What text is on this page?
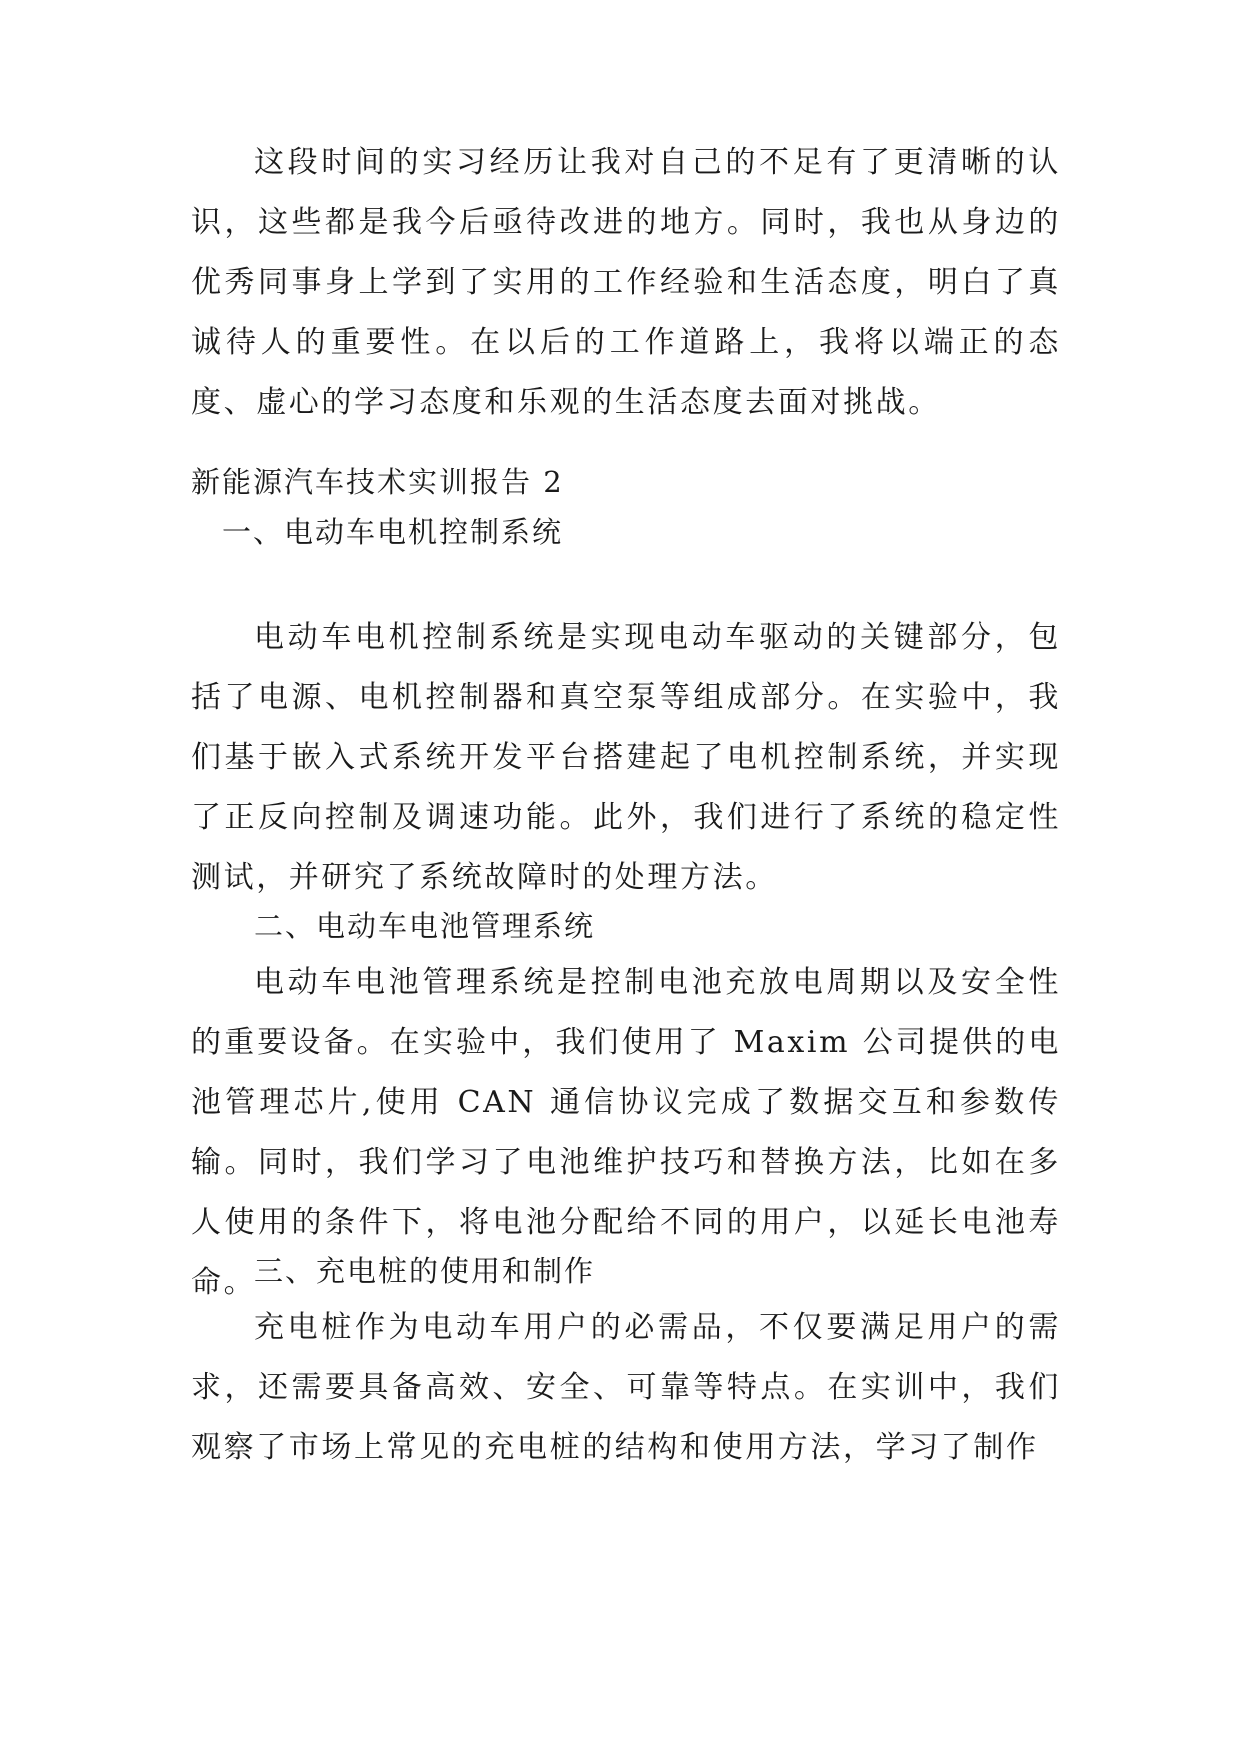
这段时间的实习经历让我对自己的不足有了更清晰的认识，这些都是我今后亟待改进的地方。同时，我也从身边的优秀同事身上学到了实用的工作经验和生活态度，明白了真诚待人的重要性。在以后的工作道路上，我将以端正的态度、虚心的学习态度和乐观的生活态度去面对挑战。

新能源汽车技术实训报告 2
一、电动车电机控制系统

电动车电机控制系统是实现电动车驱动的关键部分，包括了电源、电机控制器和真空泵等组成部分。在实验中，我们基于嵌入式系统开发平台搭建起了电机控制系统，并实现了正反向控制及调速功能。此外，我们进行了系统的稳定性测试，并研究了系统故障时的处理方法。

二、电动车电池管理系统

电动车电池管理系统是控制电池充放电周期以及安全性的重要设备。在实验中，我们使用了 Maxim 公司提供的电池管理芯片,使用 CAN 通信协议完成了数据交互和参数传输。同时，我们学习了电池维护技巧和替换方法，比如在多人使用的条件下，将电池分配给不同的用户，以延长电池寿命。

三、充电桩的使用和制作

充电桩作为电动车用户的必需品，不仅要满足用户的需求，还需要具备高效、安全、可靠等特点。在实训中，我们观察了市场上常见的充电桩的结构和使用方法，学习了制作
